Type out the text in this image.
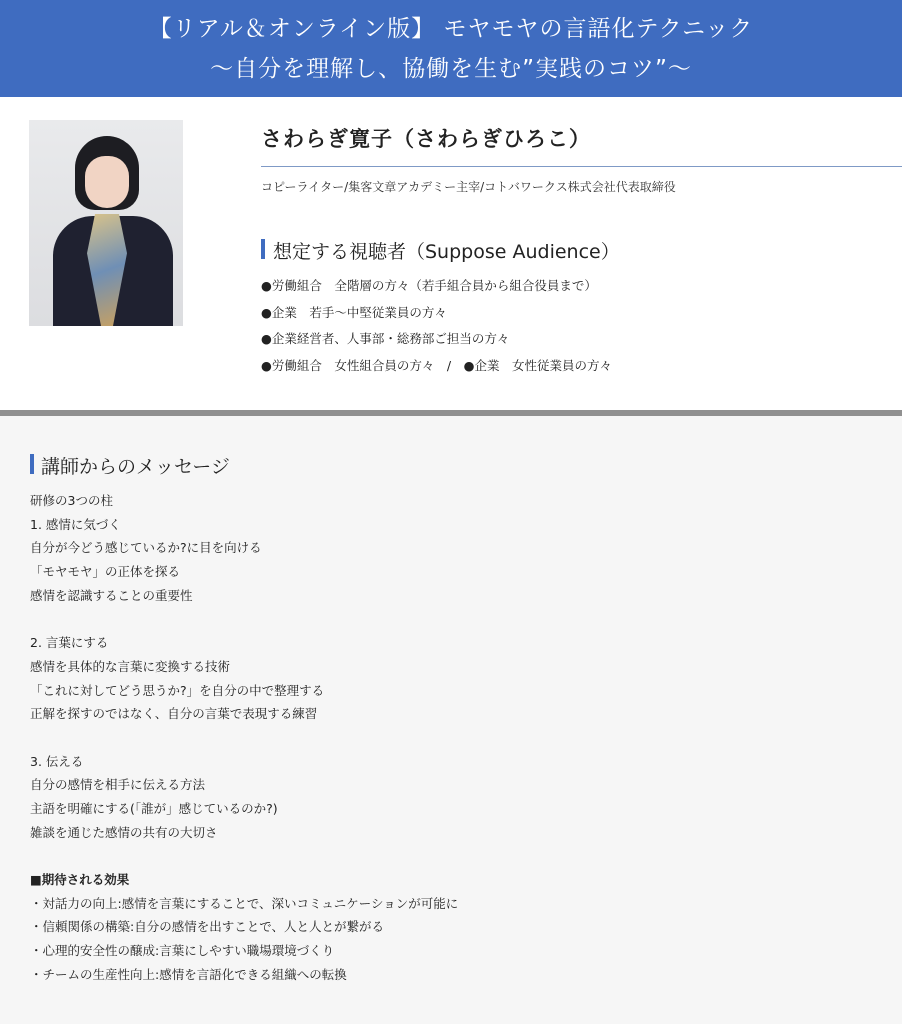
【リアル＆オンライン版】 モヤモヤの言語化テクニック
〜自分を理解し、協働を生む”実践のコツ”〜
さわらぎ寛子（さわらぎひろこ）
コピーライター/集客文章アカデミー主宰/コトバワークス株式会社代表取締役
想定する視聴者（Suppose Audience）
●労働組合　全階層の方々（若手組合員から組合役員まで）
●企業　若手〜中堅従業員の方々
●企業経営者、人事部・総務部ご担当の方々
●労働組合　女性組合員の方々　/　●企業　女性従業員の方々
講師からのメッセージ
研修の3つの柱
1. 感情に気づく
自分が今どう感じているか?に目を向ける
「モヤモヤ」の正体を探る
感情を認識することの重要性
2. 言葉にする
感情を具体的な言葉に変換する技術
「これに対してどう思うか?」を自分の中で整理する
正解を探すのではなく、自分の言葉で表現する練習
3. 伝える
自分の感情を相手に伝える方法
主語を明確にする(「誰が」感じているのか?)
雑談を通じた感情の共有の大切さ
■期待される効果
・対話力の向上:感情を言葉にすることで、深いコミュニケーションが可能に
・信頼関係の構築:自分の感情を出すことで、人と人とが繋がる
・心理的安全性の醸成:言葉にしやすい職場環境づくり
・チームの生産性向上:感情を言語化できる組織への転換
